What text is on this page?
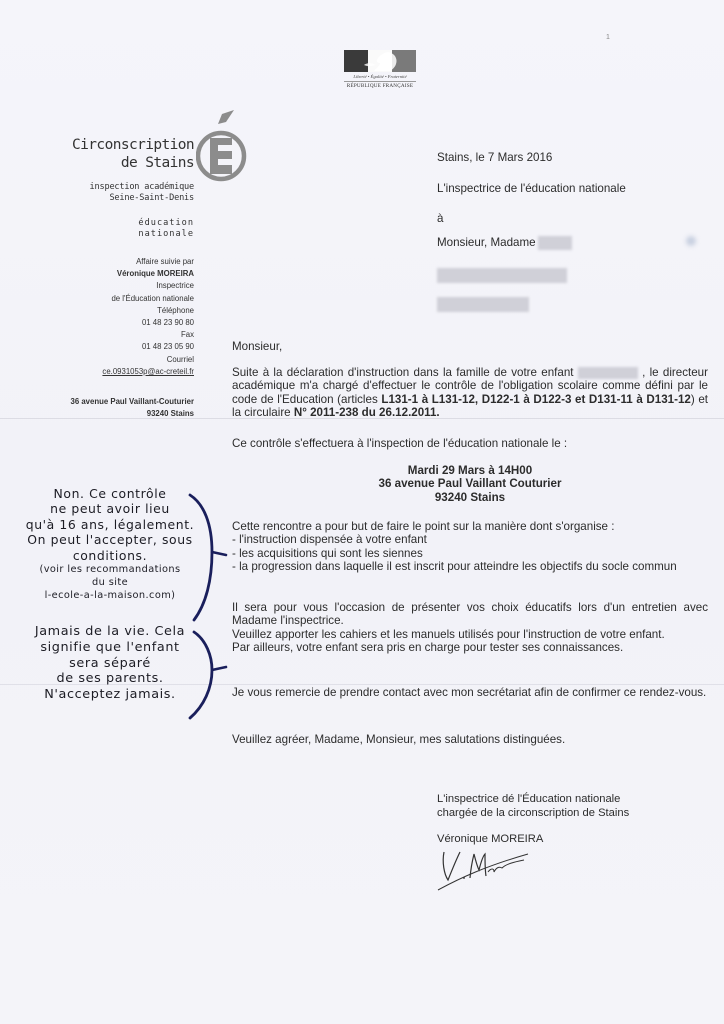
1
Liberté • Égalité • Fraternité
RÉPUBLIQUE FRANÇAISE
Circonscription
de Stains
inspection académique
Seine-Saint-Denis
éducation
nationale
Affaire suivie par
Véronique MOREIRA
Inspectrice
de l'Éducation nationale
Téléphone
01 48 23 90 80
Fax
01 48 23 05 90
Courriel
ce.0931053p@ac-creteil.fr
36 avenue Paul Vaillant-Couturier
93240 Stains
Stains, le 7 Mars 2016
L'inspectrice de l'éducation nationale
à
Monsieur, Madame
Monsieur,

Suite à la déclaration d'instruction dans la famille de votre enfant	, le directeur académique m'a chargé d'effectuer le contrôle de l'obligation scolaire comme défini par le code de l'Education (articles L131-1 à L131-12, D122-1 à D122-3 et D131-11 à D131-12) et la circulaire N° 2011-238 du 26.12.2011.

Ce contrôle s'effectuera à l'inspection de l'éducation nationale le :
Mardi 29 Mars à 14H00
36 avenue Paul Vaillant Couturier
93240 Stains

Cette rencontre a pour but de faire le point sur la manière dont s'organise :

- l'instruction dispensée à votre enfant

- les acquisitions qui sont les siennes

- la progression dans laquelle il est inscrit pour atteindre les objectifs du socle commun

Il sera pour vous l'occasion de présenter vos choix éducatifs lors d'un entretien avec Madame l'inspectrice.

Veuillez apporter les cahiers et les manuels utilisés pour l'instruction de votre enfant.

Par ailleurs, votre enfant sera pris en charge pour tester ses connaissances.

Je vous remercie de prendre contact avec mon secrétariat afin de confirmer ce rendez-vous.
Veuillez agréer, Madame, Monsieur, mes salutations distinguées.
L'inspectrice dé l'Éducation nationale
chargée de la circonscription de Stains
Véronique MOREIRA
Non. Ce contrôle
ne peut avoir lieu
qu'à 16 ans, légalement.
On peut l'accepter, sous
conditions.
(voir les recommandations
du site
l-ecole-a-la-maison.com)
Jamais de la vie. Cela
signifie que l'enfant
sera séparé
de ses parents.
N'acceptez jamais.
